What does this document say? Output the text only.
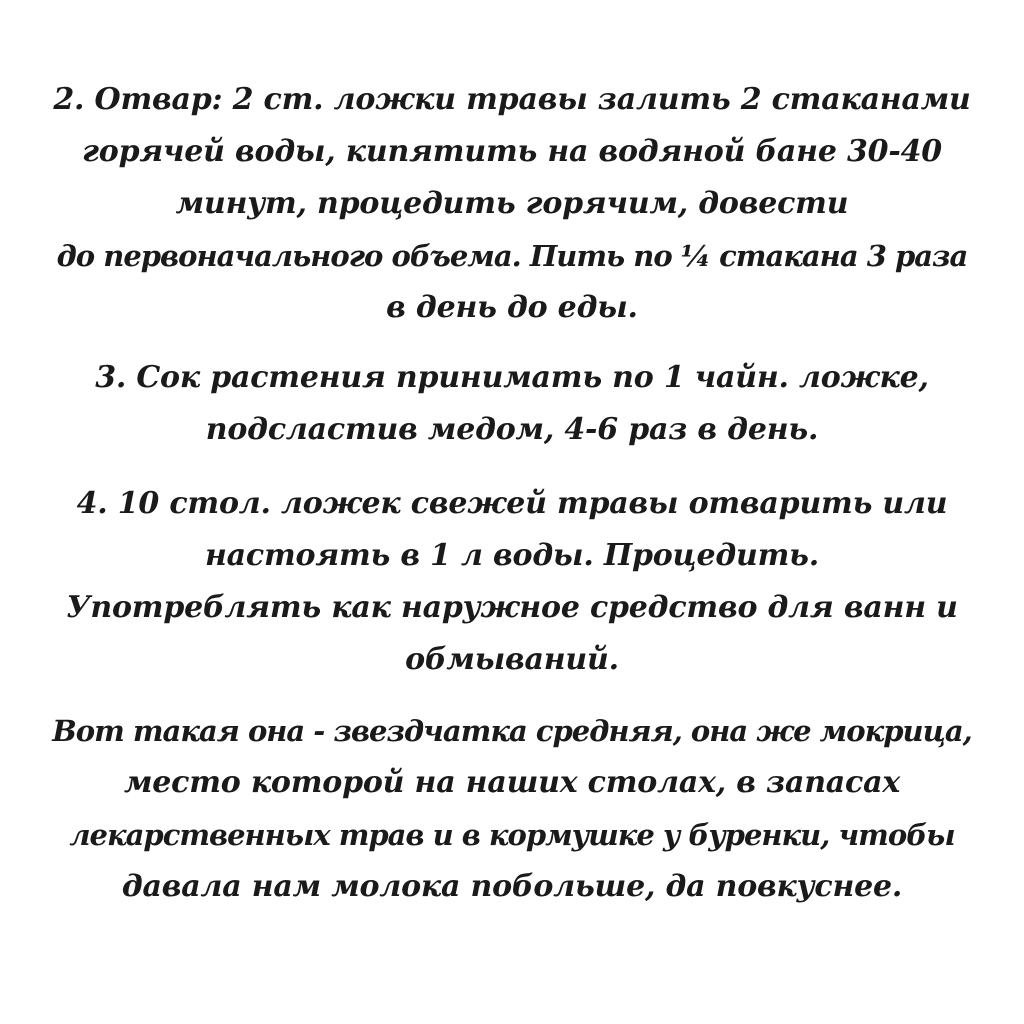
2. Отвар: 2 ст. ложки травы залить 2 стаканами
горячей воды, кипятить на водяной бане 30-40
минут, процедить горячим, довести
до первоначального объема. Пить по ¼ стакана 3 раза
в день до еды.
3. Сок растения принимать по 1 чайн. ложке,
подсластив медом, 4-6 раз в день.
4. 10 стол. ложек свежей травы отварить или
настоять в 1 л воды. Процедить.
Употреблять как наружное средство для ванн и
обмываний.
Вот такая она - звездчатка средняя, она же мокрица,
место которой на наших столах, в запасах
лекарственных трав и в кормушке у буренки, чтобы
давала нам молока побольше, да повкуснее.
